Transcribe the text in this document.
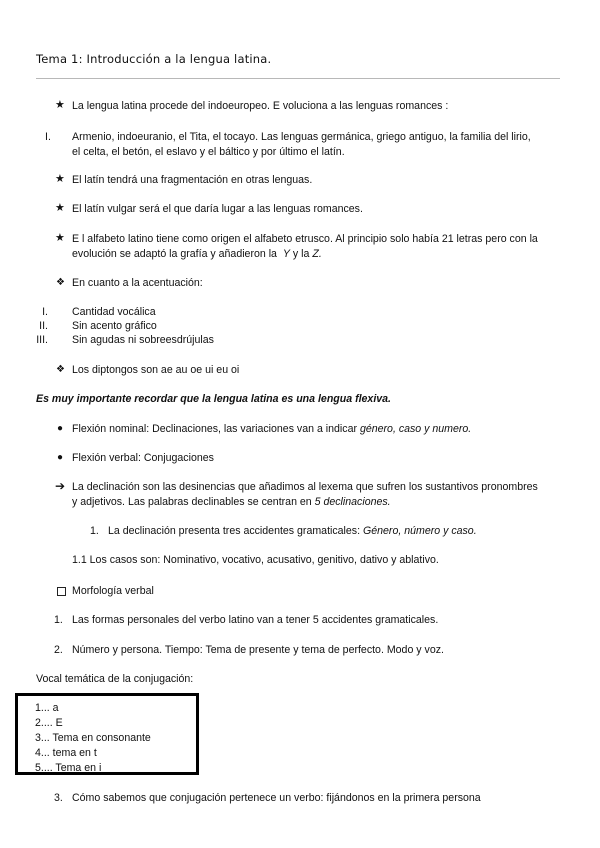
Tema 1: Introducción a la lengua latina.
★ La lengua latina procede del indoeuropeo. E voluciona a las lenguas romances :
I. Armenio, indoeuranio, el Tita, el tocayo. Las lenguas germánica, griego antiguo, la familia del lirio,
el celta, el betón, el eslavo y el báltico y por último el latín.
★ El latín tendrá una fragmentación en otras lenguas.
★ El latín vulgar será el que daría lugar a las lenguas romances.
★ E l alfabeto latino tiene como origen el alfabeto etrusco. Al principio solo había 21 letras pero con la
evolución se adaptó la grafía y añadieron la Y y la Z.
❖ En cuanto a la acentuación:
I. Cantidad vocálica
II. Sin acento gráfico
III. Sin agudas ni sobreesdrújulas
❖ Los diptongos son ae au oe ui eu oi
Es muy importante recordar que la lengua latina es una lengua flexiva.
● Flexión nominal: Declinaciones, las variaciones van a indicar género, caso y numero.
● Flexión verbal: Conjugaciones
➔ La declinación son las desinencias que añadimos al lexema que sufren los sustantivos pronombres
y adjetivos. Las palabras declinables se centran en 5 declinaciones.
1. La declinación presenta tres accidentes gramaticales: Género, número y caso.
1.1 Los casos son: Nominativo, vocativo, acusativo, genitivo, dativo y ablativo.
Morfología verbal
1. Las formas personales del verbo latino van a tener 5 accidentes gramaticales.
2. Número y persona. Tiempo: Tema de presente y tema de perfecto. Modo y voz.
Vocal temática de la conjugación:
1... a
2.... E
3... Tema en consonante
4... tema en t
5.... Tema en i
3. Cómo sabemos que conjugación pertenece un verbo: fijándonos en la primera persona
